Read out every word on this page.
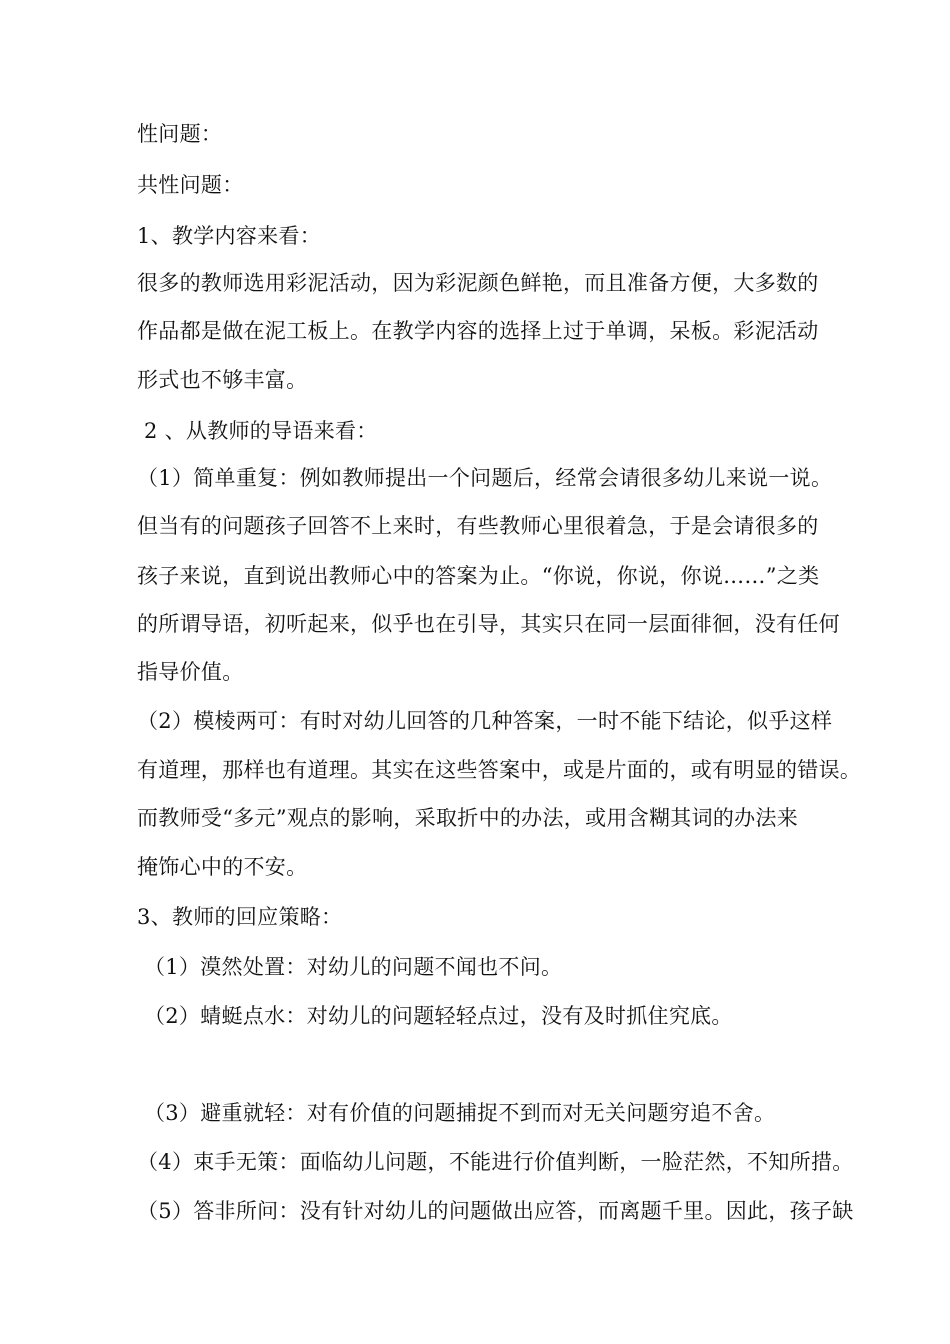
性问题：
共性问题：
1、教学内容来看：
很多的教师选用彩泥活动，因为彩泥颜色鲜艳，而且准备方便，大多数的
作品都是做在泥工板上。在教学内容的选择上过于单调，呆板。彩泥活动
形式也不够丰富。
2 、从教师的导语来看：
（1）简单重复：例如教师提出一个问题后，经常会请很多幼儿来说一说。
但当有的问题孩子回答不上来时，有些教师心里很着急，于是会请很多的
孩子来说，直到说出教师心中的答案为止。“你说，你说，你说……”之类
的所谓导语，初听起来，似乎也在引导，其实只在同一层面徘徊，没有任何
指导价值。
（2）模棱两可：有时对幼儿回答的几种答案，一时不能下结论，似乎这样
有道理，那样也有道理。其实在这些答案中，或是片面的，或有明显的错误。
而教师受“多元”观点的影响，采取折中的办法，或用含糊其词的办法来
掩饰心中的不安。
3、教师的回应策略：
（1）漠然处置：对幼儿的问题不闻也不问。
（2）蜻蜓点水：对幼儿的问题轻轻点过，没有及时抓住究底。
（3）避重就轻：对有价值的问题捕捉不到而对无关问题穷追不舍。
（4）束手无策：面临幼儿问题，不能进行价值判断，一脸茫然，不知所措。
（5）答非所问：没有针对幼儿的问题做出应答，而离题千里。因此，孩子缺
